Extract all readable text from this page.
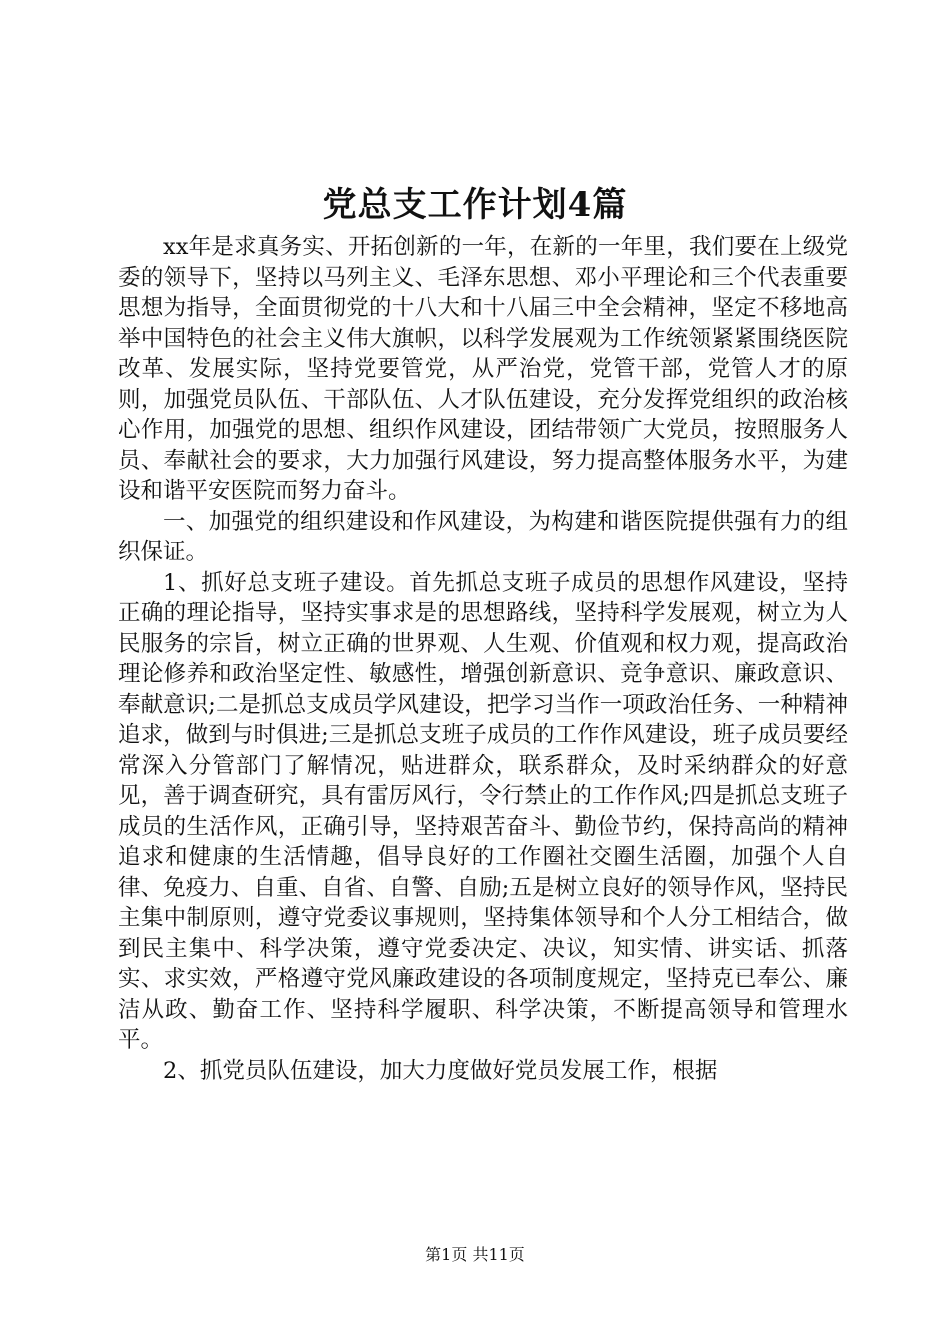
党总支工作计划4篇

xx年是求真务实、开拓创新的一年，在新的一年里，我们要在上级党委的领导下，坚持以马列主义、毛泽东思想、邓小平理论和三个代表重要思想为指导，全面贯彻党的十八大和十八届三中全会精神，坚定不移地高举中国特色的社会主义伟大旗帜，以科学发展观为工作统领紧紧围绕医院改革、发展实际，坚持党要管党，从严治党，党管干部，党管人才的原则，加强党员队伍、干部队伍、人才队伍建设，充分发挥党组织的政治核心作用，加强党的思想、组织作风建设，团结带领广大党员，按照服务人员、奉献社会的要求，大力加强行风建设，努力提高整体服务水平，为建设和谐平安医院而努力奋斗。

一、加强党的组织建设和作风建设，为构建和谐医院提供强有力的组织保证。

1、抓好总支班子建设。首先抓总支班子成员的思想作风建设，坚持正确的理论指导，坚持实事求是的思想路线，坚持科学发展观，树立为人民服务的宗旨，树立正确的世界观、人生观、价值观和权力观，提高政治理论修养和政治坚定性、敏感性，增强创新意识、竞争意识、廉政意识、奉献意识;二是抓总支成员学风建设，把学习当作一项政治任务、一种精神追求，做到与时俱进;三是抓总支班子成员的工作作风建设，班子成员要经常深入分管部门了解情况，贴进群众，联系群众，及时采纳群众的好意见，善于调查研究，具有雷厉风行，令行禁止的工作作风;四是抓总支班子成员的生活作风，正确引导，坚持艰苦奋斗、勤俭节约，保持高尚的精神追求和健康的生活情趣，倡导良好的工作圈社交圈生活圈，加强个人自律、免疫力、自重、自省、自警、自励;五是树立良好的领导作风，坚持民主集中制原则，遵守党委议事规则，坚持集体领导和个人分工相结合，做到民主集中、科学决策，遵守党委决定、决议，知实情、讲实话、抓落实、求实效，严格遵守党风廉政建设的各项制度规定，坚持克已奉公、廉洁从政、勤奋工作、坚持科学履职、科学决策，不断提高领导和管理水平。

2、抓党员队伍建设，加大力度做好党员发展工作，根据

第1页 共11页
